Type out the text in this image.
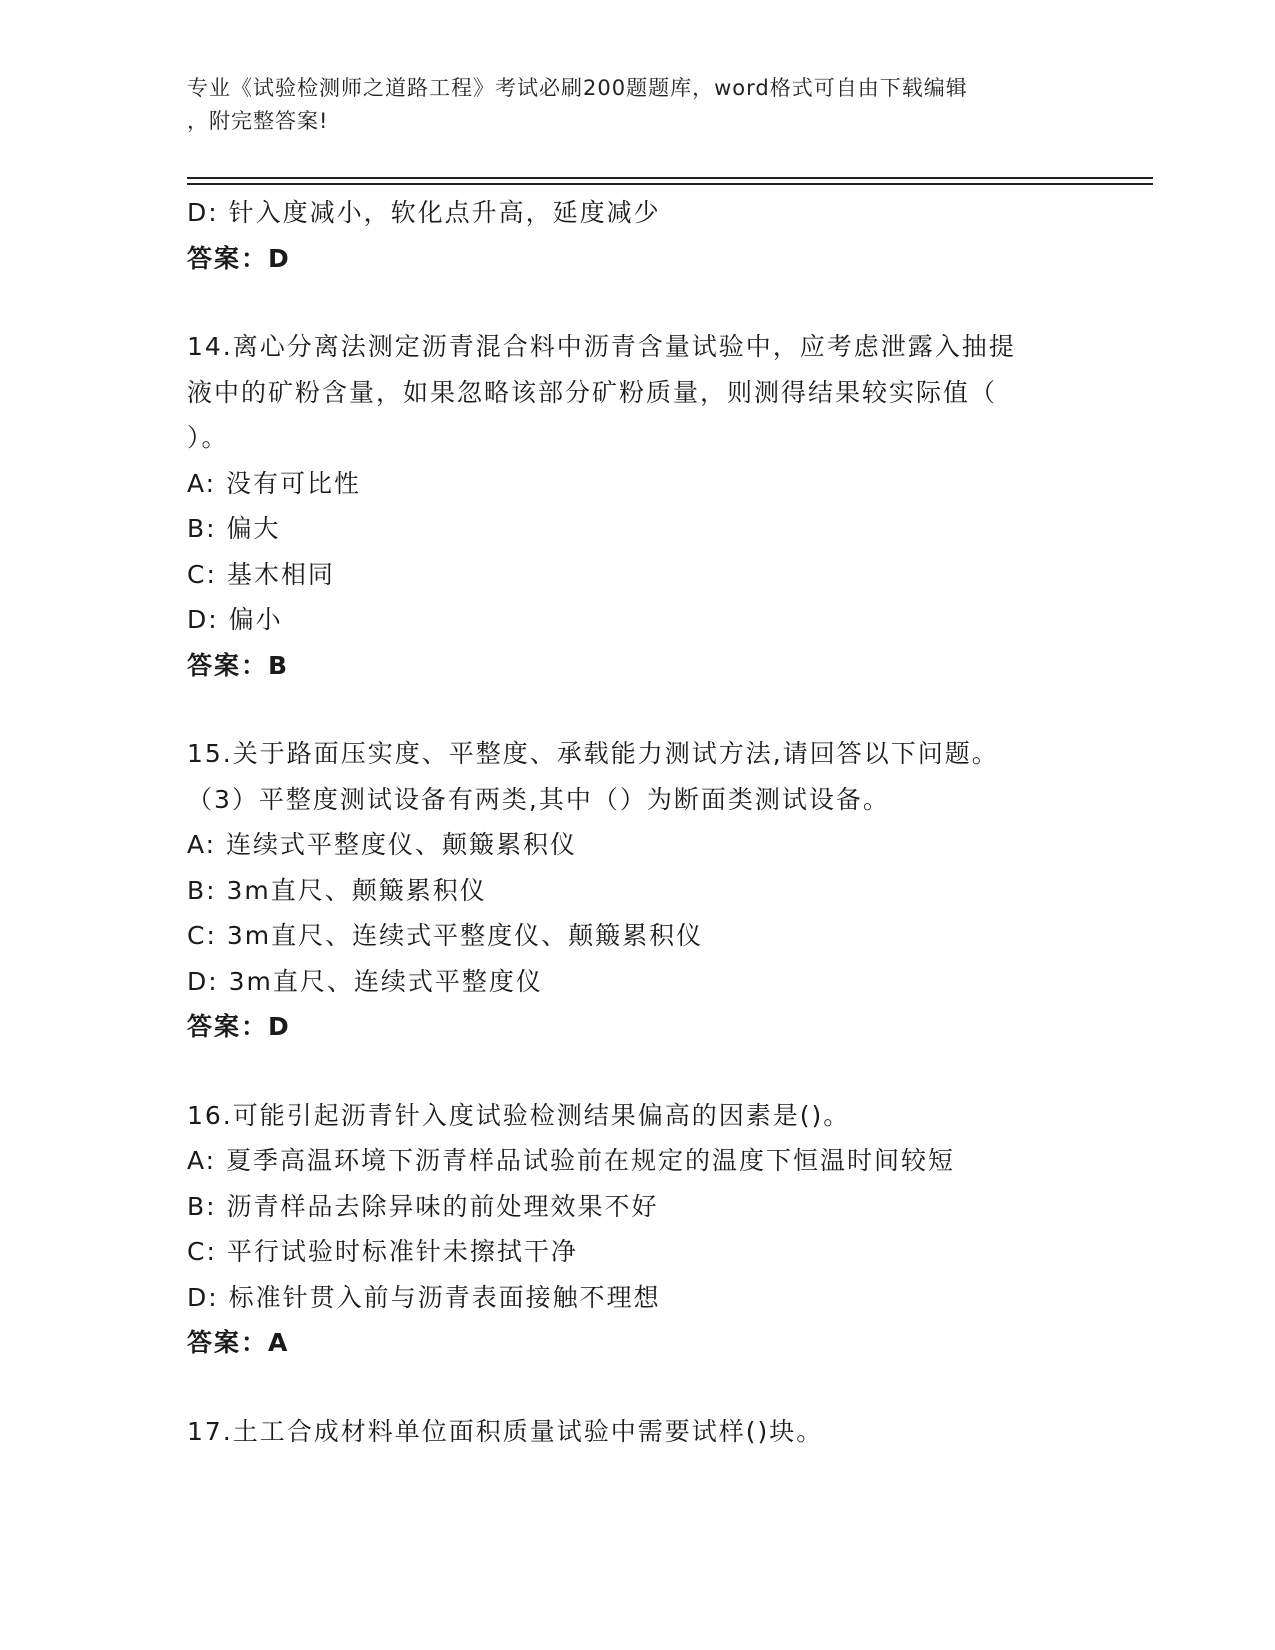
专业《试验检测师之道路工程》考试必刷200题题库，word格式可自由下载编辑
，附完整答案!
D: 针入度减小，软化点升高，延度减少
答案：D
14.离心分离法测定沥青混合料中沥青含量试验中，应考虑泄露入抽提
液中的矿粉含量，如果忽略该部分矿粉质量，则测得结果较实际值（
）。
A: 没有可比性
B: 偏大
C: 基木相同
D: 偏小
答案：B
15.关于路面压实度、平整度、承载能力测试方法,请回答以下问题。
（3）平整度测试设备有两类,其中（）为断面类测试设备。
A: 连续式平整度仪、颠簸累积仪
B: 3m直尺、颠簸累积仪
C: 3m直尺、连续式平整度仪、颠簸累积仪
D: 3m直尺、连续式平整度仪
答案：D
16.可能引起沥青针入度试验检测结果偏高的因素是()。
A: 夏季高温环境下沥青样品试验前在规定的温度下恒温时间较短
B: 沥青样品去除异味的前处理效果不好
C: 平行试验时标准针未擦拭干净
D: 标准针贯入前与沥青表面接触不理想
答案：A
17.土工合成材料单位面积质量试验中需要试样()块。
